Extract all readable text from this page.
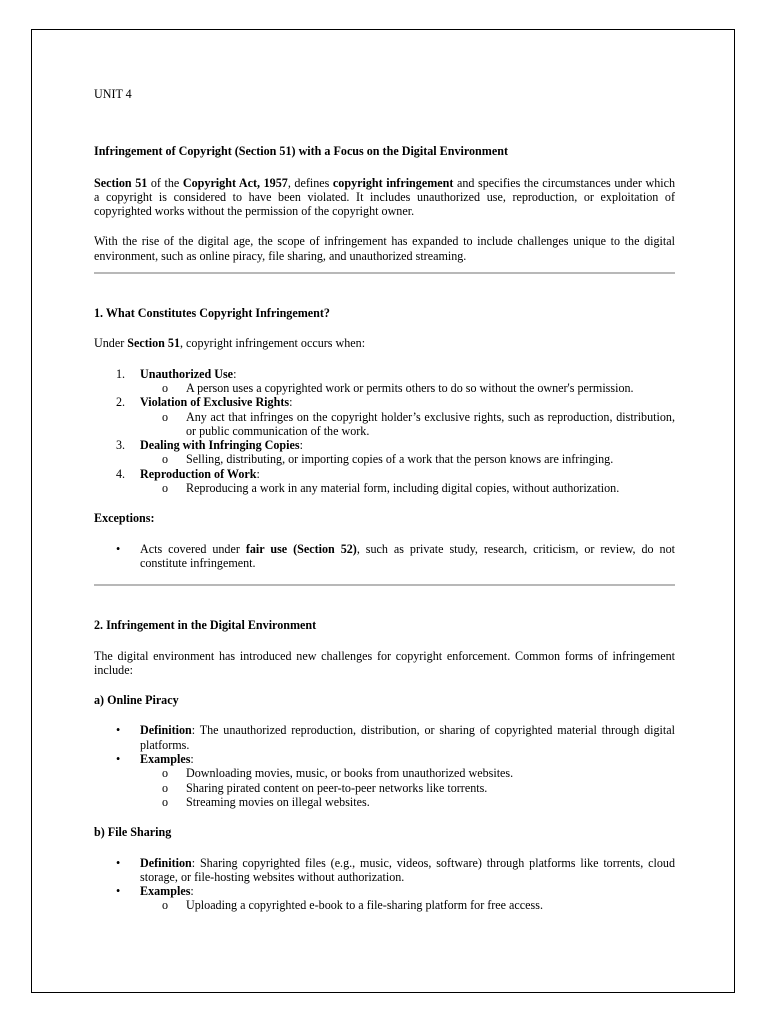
UNIT 4

Infringement of Copyright (Section 51) with a Focus on the Digital Environment

Section 51 of the Copyright Act, 1957, defines copyright infringement and specifies the circumstances under which a copyright is considered to have been violated. It includes unauthorized use, reproduction, or exploitation of copyrighted works without the permission of the copyright owner.

With the rise of the digital age, the scope of infringement has expanded to include challenges unique to the digital environment, such as online piracy, file sharing, and unauthorized streaming.

1. What Constitutes Copyright Infringement?

Under Section 51, copyright infringement occurs when:

1. Unauthorized Use:
o A person uses a copyrighted work or permits others to do so without the owner's permission.
2. Violation of Exclusive Rights:
o Any act that infringes on the copyright holder’s exclusive rights, such as reproduction, distribution, or public communication of the work.
3. Dealing with Infringing Copies:
o Selling, distributing, or importing copies of a work that the person knows are infringing.
4. Reproduction of Work:
o Reproducing a work in any material form, including digital copies, without authorization.

Exceptions:

• Acts covered under fair use (Section 52), such as private study, research, criticism, or review, do not constitute infringement.

2. Infringement in the Digital Environment

The digital environment has introduced new challenges for copyright enforcement. Common forms of infringement include:

a) Online Piracy

• Definition: The unauthorized reproduction, distribution, or sharing of copyrighted material through digital platforms.
• Examples:
o Downloading movies, music, or books from unauthorized websites.
o Sharing pirated content on peer-to-peer networks like torrents.
o Streaming movies on illegal websites.

b) File Sharing

• Definition: Sharing copyrighted files (e.g., music, videos, software) through platforms like torrents, cloud storage, or file-hosting websites without authorization.
• Examples:
o Uploading a copyrighted e-book to a file-sharing platform for free access.
